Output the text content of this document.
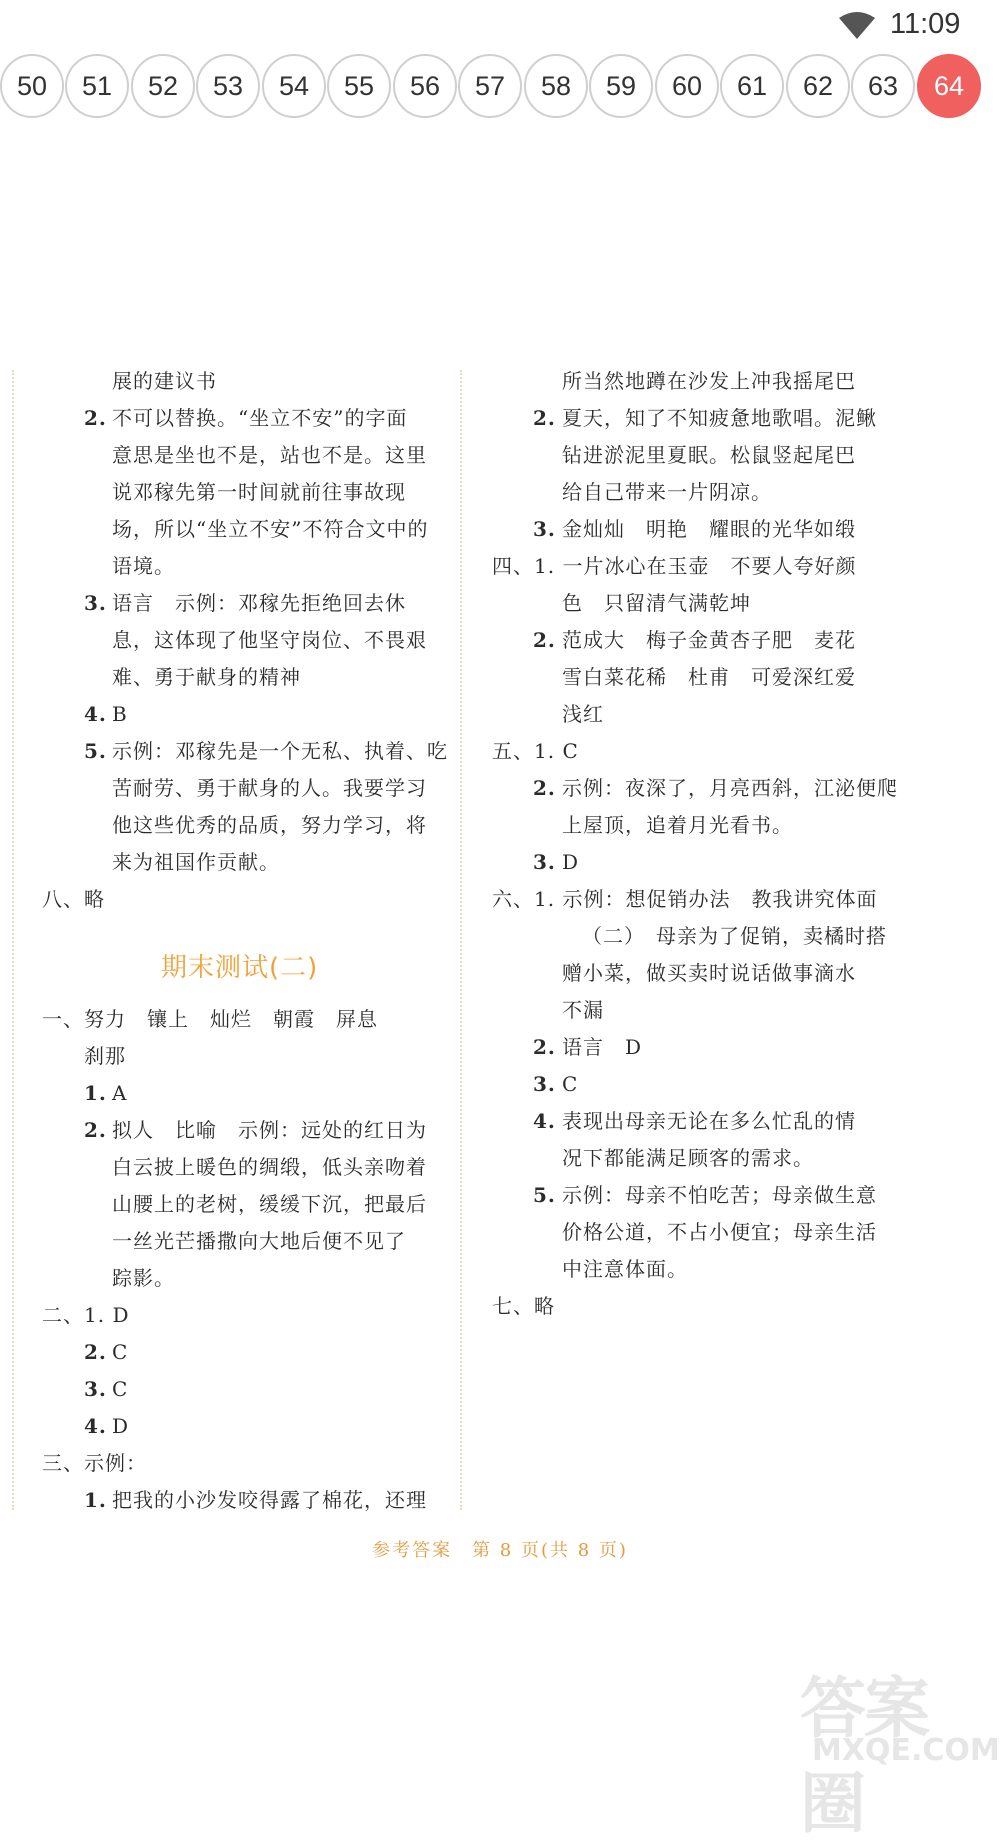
11:09
50	51	52	53	54	55	56	57	58	59	60	61	62	63	64
展的建议书
2. 不可以替换。“坐立不安”的字面
意思是坐也不是，站也不是。这里
说邓稼先第一时间就前往事故现
场，所以“坐立不安”不符合文中的
语境。
3. 语言　示例：邓稼先拒绝回去休
息，这体现了他坚守岗位、不畏艰
难、勇于献身的精神
4. B
5. 示例：邓稼先是一个无私、执着、吃
苦耐劳、勇于献身的人。我要学习
他这些优秀的品质，努力学习，将
来为祖国作贡献。
八、略
期末测试(二)
一、努力　镶上　灿烂　朝霞　屏息
刹那
1. A
2. 拟人　比喻　示例：远处的红日为
白云披上暖色的绸缎，低头亲吻着
山腰上的老树，缓缓下沉，把最后
一丝光芒播撒向大地后便不见了
踪影。
二、1. D
2. C
3. C
4. D
三、示例：
1. 把我的小沙发咬得露了棉花，还理
所当然地蹲在沙发上冲我摇尾巴
2. 夏天，知了不知疲惫地歌唱。泥鳅
钻进淤泥里夏眠。松鼠竖起尾巴
给自己带来一片阴凉。
3. 金灿灿　明艳　耀眼的光华如缎
四、1. 一片冰心在玉壶　不要人夸好颜
色　只留清气满乾坤
2. 范成大　梅子金黄杏子肥　麦花
雪白菜花稀　杜甫　可爱深红爱
浅红
五、1. C
2. 示例：夜深了，月亮西斜，江泌便爬
上屋顶，追着月光看书。
3. D
六、1. 示例：想促销办法　教我讲究体面
（二）　母亲为了促销，卖橘时搭
赠小菜，做买卖时说话做事滴水
不漏
2. 语言　D
3. C
4. 表现出母亲无论在多么忙乱的情
况下都能满足顾客的需求。
5. 示例：母亲不怕吃苦；母亲做生意
价格公道，不占小便宜；母亲生活
中注意体面。
七、略
参考答案　第 8 页(共 8 页)
答案圈
MXQE.COM
